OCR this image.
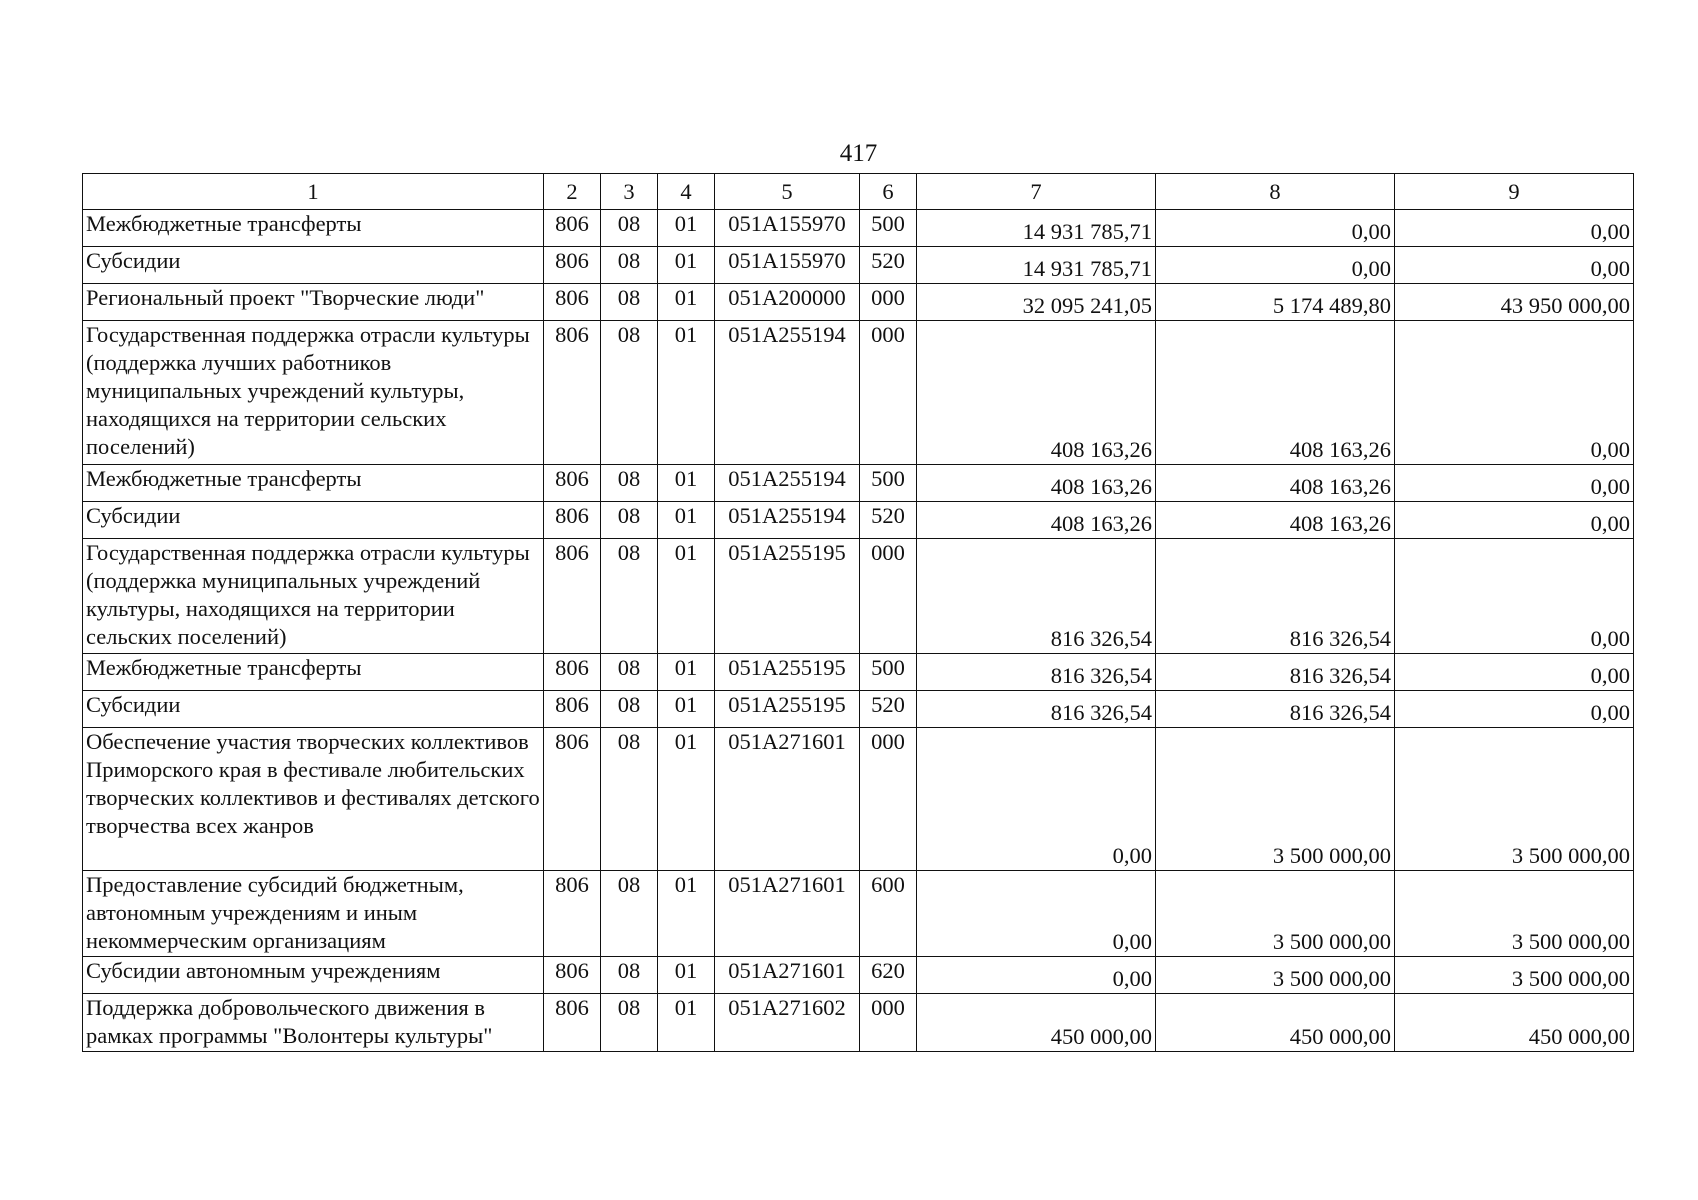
417
1	2	3	4	5	6	7	8	9
Межбюджетные трансферты	806	08	01	051A155970	500	14 931 785,71	0,00	0,00
Субсидии	806	08	01	051A155970	520	14 931 785,71	0,00	0,00
Региональный проект "Творческие люди"	806	08	01	051A200000	000	32 095 241,05	5 174 489,80	43 950 000,00
Государственная поддержка отрасли культуры (поддержка лучших работников муниципальных учреждений культуры, находящихся на территории сельских поселений)	806	08	01	051A255194	000	408 163,26	408 163,26	0,00
Межбюджетные трансферты	806	08	01	051A255194	500	408 163,26	408 163,26	0,00
Субсидии	806	08	01	051A255194	520	408 163,26	408 163,26	0,00
Государственная поддержка отрасли культуры (поддержка муниципальных учреждений культуры, находящихся на территории сельских поселений)	806	08	01	051A255195	000	816 326,54	816 326,54	0,00
Межбюджетные трансферты	806	08	01	051A255195	500	816 326,54	816 326,54	0,00
Субсидии	806	08	01	051A255195	520	816 326,54	816 326,54	0,00
Обеспечение участия творческих коллективов Приморского края в фестивале любительских творческих коллективов и фестивалях детского творчества всех жанров	806	08	01	051A271601	000	0,00	3 500 000,00	3 500 000,00
Предоставление субсидий бюджетным, автономным учреждениям и иным некоммерческим организациям	806	08	01	051A271601	600	0,00	3 500 000,00	3 500 000,00
Субсидии автономным учреждениям	806	08	01	051A271601	620	0,00	3 500 000,00	3 500 000,00
Поддержка добровольческого движения в рамках программы "Волонтеры культуры"	806	08	01	051A271602	000	450 000,00	450 000,00	450 000,00
